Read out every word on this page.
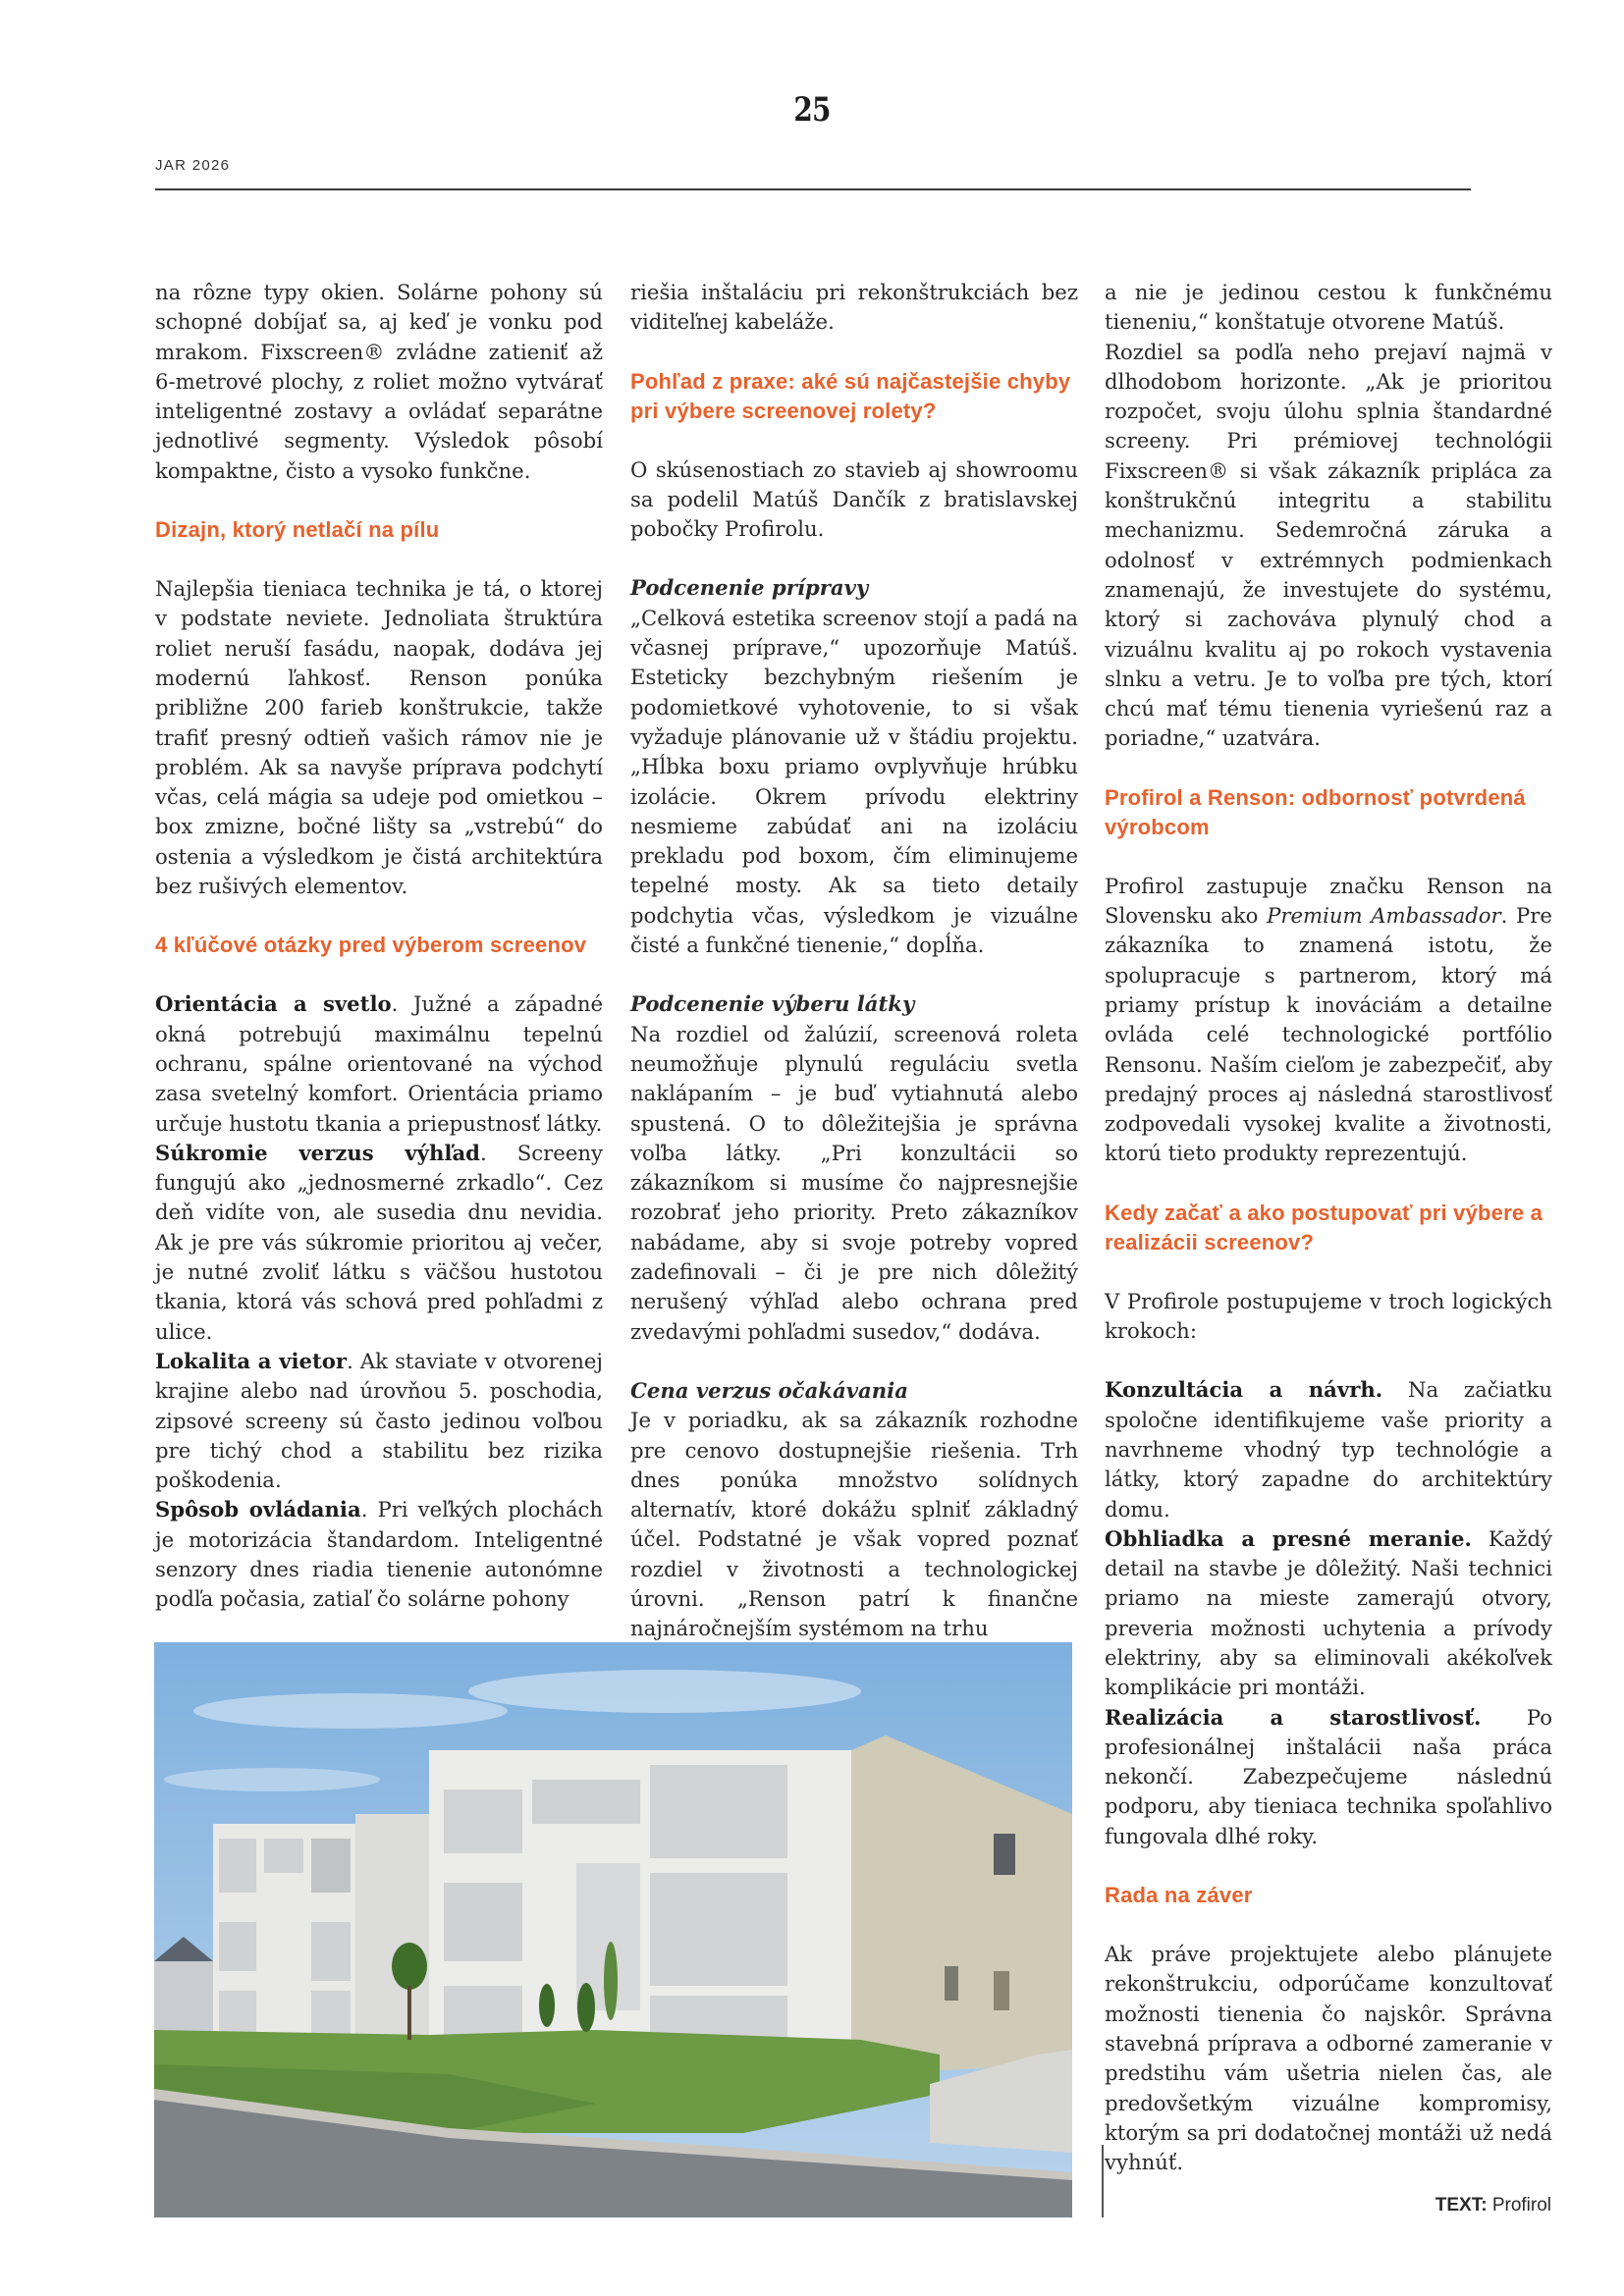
25
JAR 2026

na rôzne typy okien. Solárne pohony sú schopné dobíjať sa, aj keď je vonku pod mrakom. Fixscreen® zvládne zatieniť až 6-metrové plochy, z roliet možno vytvárať inteligentné zostavy a ovládať separátne jednotlivé segmenty. Výsledok pôsobí kompaktne, čisto a vysoko funkčne.

Dizajn, ktorý netlačí na pílu

Najlepšia tieniaca technika je tá, o ktorej v podstate neviete. Jednoliata štruktúra roliet neruší fasádu, naopak, dodáva jej modernú ľahkosť. Renson ponúka približne 200 farieb konštrukcie, takže trafiť presný odtieň vašich rámov nie je problém. Ak sa navyše príprava podchytí včas, celá mágia sa udeje pod omietkou – box zmizne, bočné lišty sa „vstrebú“ do ostenia a výsledkom je čistá architektúra bez rušivých elementov.

4 kľúčové otázky pred výberom screenov

Orientácia a svetlo. Južné a západné okná potrebujú maximálnu tepelnú ochranu, spálne orientované na východ zasa svetelný komfort. Orientácia priamo určuje hustotu tkania a priepustnosť látky.

Súkromie verzus výhľad. Screeny fungujú ako „jednosmerné zrkadlo“. Cez deň vidíte von, ale susedia dnu nevidia. Ak je pre vás súkromie prioritou aj večer, je nutné zvoliť látku s väčšou hustotou tkania, ktorá vás schová pred pohľadmi z ulice.

Lokalita a vietor. Ak staviate v otvorenej krajine alebo nad úrovňou 5. poschodia, zipsové screeny sú často jedinou voľbou pre tichý chod a stabilitu bez rizika poškodenia.

Spôsob ovládania. Pri veľkých plochách je motorizácia štandardom. Inteligentné senzory dnes riadia tienenie autonómne podľa počasia, zatiaľ čo solárne pohony

riešia inštaláciu pri rekonštrukciách bez viditeľnej kabeláže.

Pohľad z praxe: aké sú najčastejšie chyby pri výbere screenovej rolety?

O skúsenostiach zo stavieb aj showroomu sa podelil Matúš Dančík z bratislavskej pobočky Profirolu.

Podcenenie prípravy

„Celková estetika screenov stojí a padá na včasnej príprave,“ upozorňuje Matúš. Esteticky bezchybným riešením je podomietkové vyhotovenie, to si však vyžaduje plánovanie už v štádiu projektu. „Hĺbka boxu priamo ovplyvňuje hrúbku izolácie. Okrem prívodu elektriny nesmieme zabúdať ani na izoláciu prekladu pod boxom, čím eliminujeme tepelné mosty. Ak sa tieto detaily podchytia včas, výsledkom je vizuálne čisté a funkčné tienenie,“ dopĺňa.

Podcenenie výberu látky

Na rozdiel od žalúzií, screenová roleta neumožňuje plynulú reguláciu svetla naklápaním – je buď vytiahnutá alebo spustená. O to dôležitejšia je správna voľba látky. „Pri konzultácii so zákazníkom si musíme čo najpresnejšie rozobrať jeho priority. Preto zákazníkov nabádame, aby si svoje potreby vopred zadefinovali – či je pre nich dôležitý nerušený výhľad alebo ochrana pred zvedavými pohľadmi susedov,“ dodáva.

Cena verzus očakávania

Je v poriadku, ak sa zákazník rozhodne pre cenovo dostupnejšie riešenia. Trh dnes ponúka množstvo solídnych alternatív, ktoré dokážu splniť základný účel. Podstatné je však vopred poznať rozdiel v životnosti a technologickej úrovni. „Renson patrí k finančne najnáročnejším systémom na trhu

a nie je jedinou cestou k funkčnému tieneniu,“ konštatuje otvorene Matúš.

Rozdiel sa podľa neho prejaví najmä v dlhodobom horizonte. „Ak je prioritou rozpočet, svoju úlohu splnia štandardné screeny. Pri prémiovej technológii Fixscreen® si však zákazník pripláca za konštrukčnú integritu a stabilitu mechanizmu. Sedemročná záruka a odolnosť v extrémnych podmienkach znamenajú, že investujete do systému, ktorý si zachováva plynulý chod a vizuálnu kvalitu aj po rokoch vystavenia slnku a vetru. Je to voľba pre tých, ktorí chcú mať tému tienenia vyriešenú raz a poriadne,“ uzatvára.

Profirol a Renson: odbornosť potvrdená výrobcom

Profirol zastupuje značku Renson na Slovensku ako Premium Ambassador. Pre zákazníka to znamená istotu, že spolupracuje s partnerom, ktorý má priamy prístup k inováciám a detailne ovláda celé technologické portfólio Rensonu. Naším cieľom je zabezpečiť, aby predajný proces aj následná starostlivosť zodpovedali vysokej kvalite a životnosti, ktorú tieto produkty reprezentujú.

Kedy začať a ako postupovať pri výbere a realizácii screenov?

V Profirole postupujeme v troch logických krokoch:

Konzultácia a návrh. Na začiatku spoločne identifikujeme vaše priority a navrhneme vhodný typ technológie a látky, ktorý zapadne do architektúry domu.

Obhliadka a presné meranie. Každý detail na stavbe je dôležitý. Naši technici priamo na mieste zamerajú otvory, preveria možnosti uchytenia a prívody elektriny, aby sa eliminovali akékoľvek komplikácie pri montáži.

Realizácia a starostlivosť. Po profesionálnej inštalácii naša práca nekončí. Zabezpečujeme následnú podporu, aby tieniaca technika spoľahlivo fungovala dlhé roky.

Rada na záver

Ak práve projektujete alebo plánujete rekonštrukciu, odporúčame konzultovať možnosti tienenia čo najskôr. Správna stavebná príprava a odborné zameranie v predstihu vám ušetria nielen čas, ale predovšetkým vizuálne kompromisy, ktorým sa pri dodatočnej montáži už nedá vyhnúť.

TEXT: Profirol
